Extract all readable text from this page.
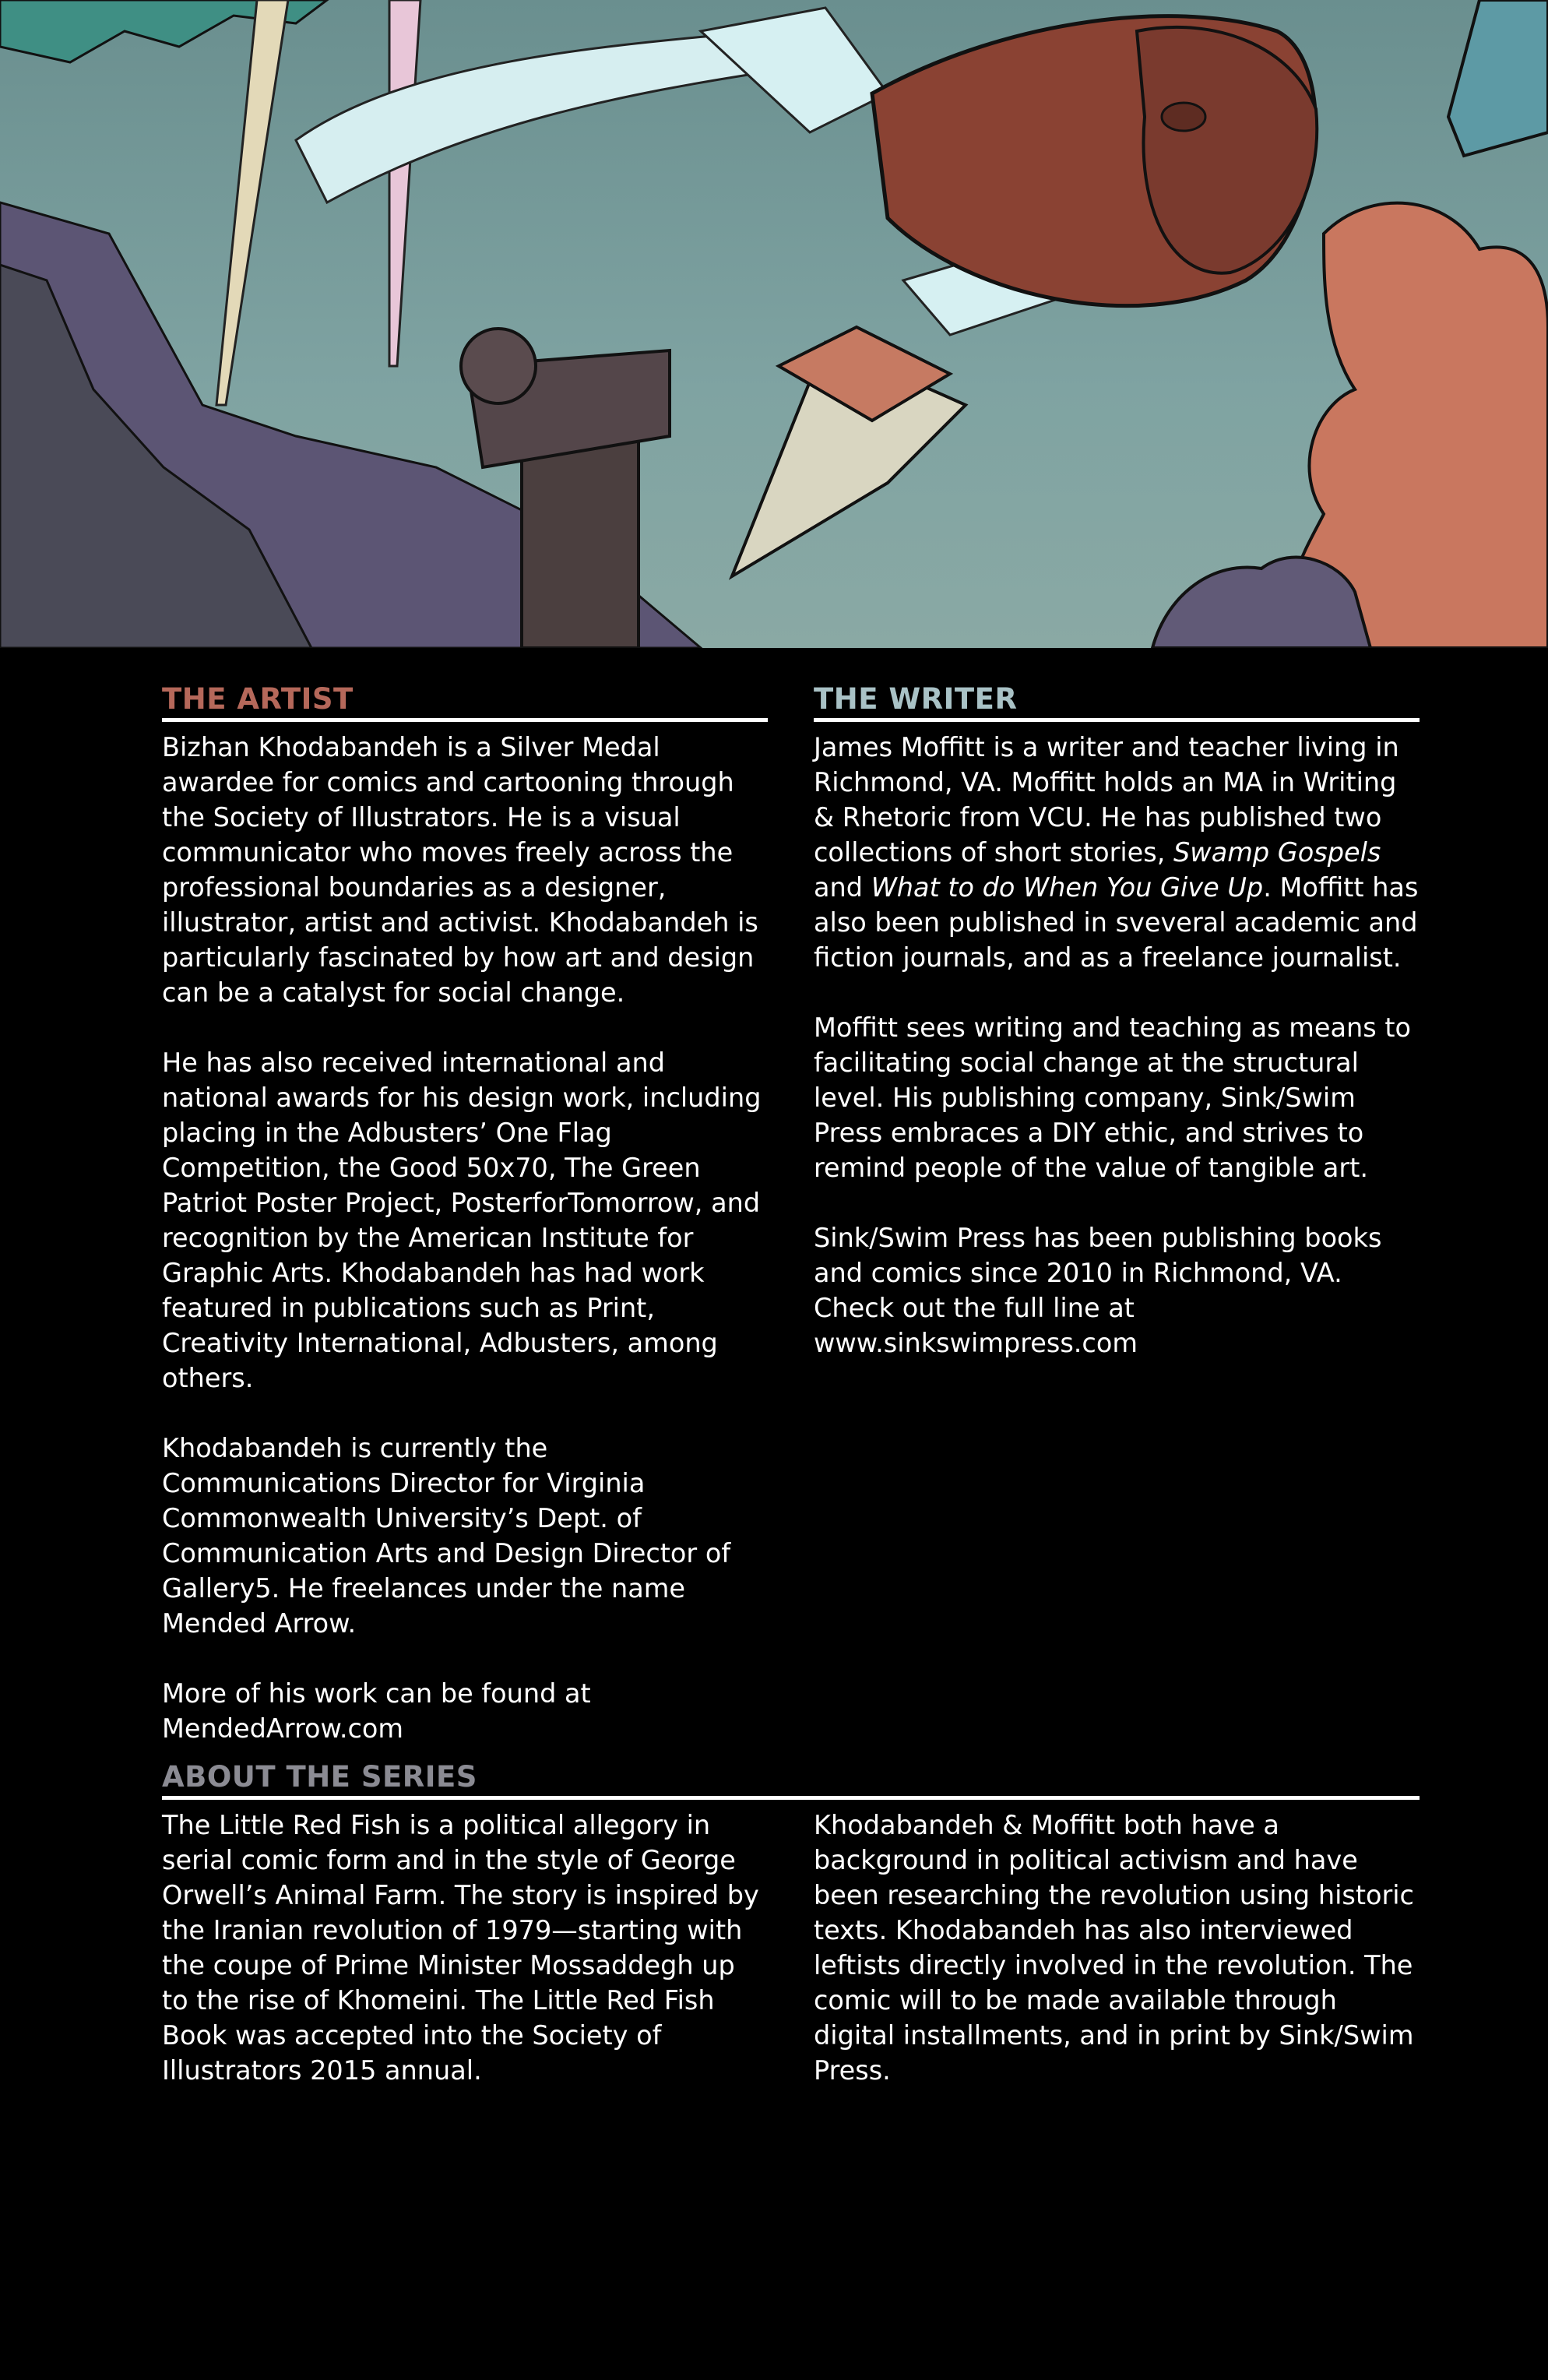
THE ARTIST

Bizhan Khodabandeh is a Silver Medal awardee for comics and cartooning through the Society of Illustrators. He is a visual communicator who moves freely across the professional boundaries as a designer, illustrator, artist and activist. Khodabandeh is particularly fascinated by how art and design can be a catalyst for social change.

He has also received international and national awards for his design work, including placing in the Adbusters’ One Flag Competition, the Good 50x70, The Green Patriot Poster Project, PosterforTomorrow, and recognition by the American Institute for Graphic Arts. Khodabandeh has had work featured in publications such as Print, Creativity International, Adbusters, among others.

Khodabandeh is currently the Communications Director for Virginia Commonwealth University’s Dept. of Communication Arts and Design Director of Gallery5. He freelances under the name Mended Arrow.

More of his work can be found at MendedArrow.com

THE WRITER

James Moffitt is a writer and teacher living in Richmond, VA. Moffitt holds an MA in Writing & Rhetoric from VCU. He has published two collections of short stories, Swamp Gospels and What to do When You Give Up. Moffitt has also been published in sveveral academic and fiction journals, and as a freelance journalist.

Moffitt sees writing and teaching as means to facilitating social change at the structural level. His publishing company, Sink/Swim Press embraces a DIY ethic, and strives to remind people of the value of tangible art.

Sink/Swim Press has been publishing books and comics since 2010 in Richmond, VA. Check out the full line at www.sinkswimpress.com

ABOUT THE SERIES

The Little Red Fish is a political allegory in serial comic form and in the style of George Orwell’s Animal Farm. The story is inspired by the Iranian revolution of 1979—starting with the coupe of Prime Minister Mossaddegh up to the rise of Khomeini. The Little Red Fish Book was accepted into the Society of Illustrators 2015 annual.

Khodabandeh & Moffitt both have a background in political activism and have been researching the revolution using historic texts. Khodabandeh has also interviewed leftists directly involved in the revolution. The comic will to be made available through digital installments, and in print by Sink/Swim Press.
